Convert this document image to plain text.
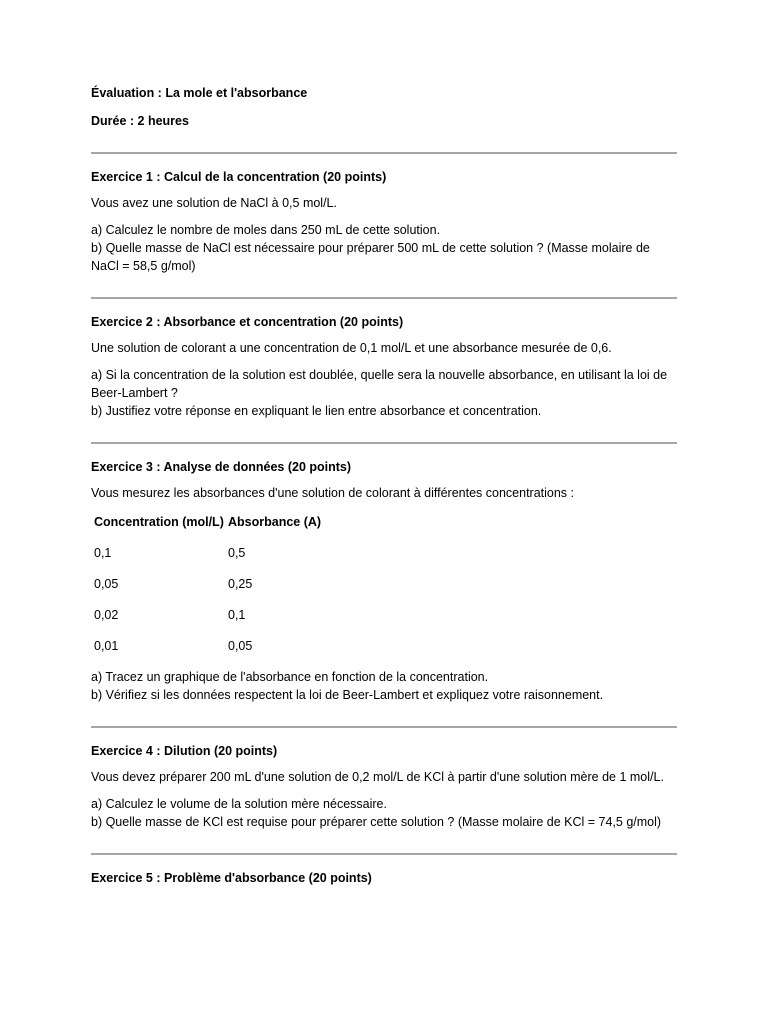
Évaluation : La mole et l'absorbance

Durée : 2 heures

Exercice 1 : Calcul de la concentration (20 points)

Vous avez une solution de NaCl à 0,5 mol/L.

a) Calculez le nombre de moles dans 250 mL de cette solution.

b) Quelle masse de NaCl est nécessaire pour préparer 500 mL de cette solution ? (Masse molaire de NaCl = 58,5 g/mol)

Exercice 2 : Absorbance et concentration (20 points)

Une solution de colorant a une concentration de 0,1 mol/L et une absorbance mesurée de 0,6.

a) Si la concentration de la solution est doublée, quelle sera la nouvelle absorbance, en utilisant la loi de Beer-Lambert ?

b) Justifiez votre réponse en expliquant le lien entre absorbance et concentration.

Exercice 3 : Analyse de données (20 points)

Vous mesurez les absorbances d'une solution de colorant à différentes concentrations :

Concentration (mol/L)	Absorbance (A)
0,1	0,5
0,05	0,25
0,02	0,1
0,01	0,05

a) Tracez un graphique de l'absorbance en fonction de la concentration.

b) Vérifiez si les données respectent la loi de Beer-Lambert et expliquez votre raisonnement.

Exercice 4 : Dilution (20 points)

Vous devez préparer 200 mL d'une solution de 0,2 mol/L de KCl à partir d'une solution mère de 1 mol/L.

a) Calculez le volume de la solution mère nécessaire.

b) Quelle masse de KCl est requise pour préparer cette solution ? (Masse molaire de KCl = 74,5 g/mol)

Exercice 5 : Problème d'absorbance (20 points)
